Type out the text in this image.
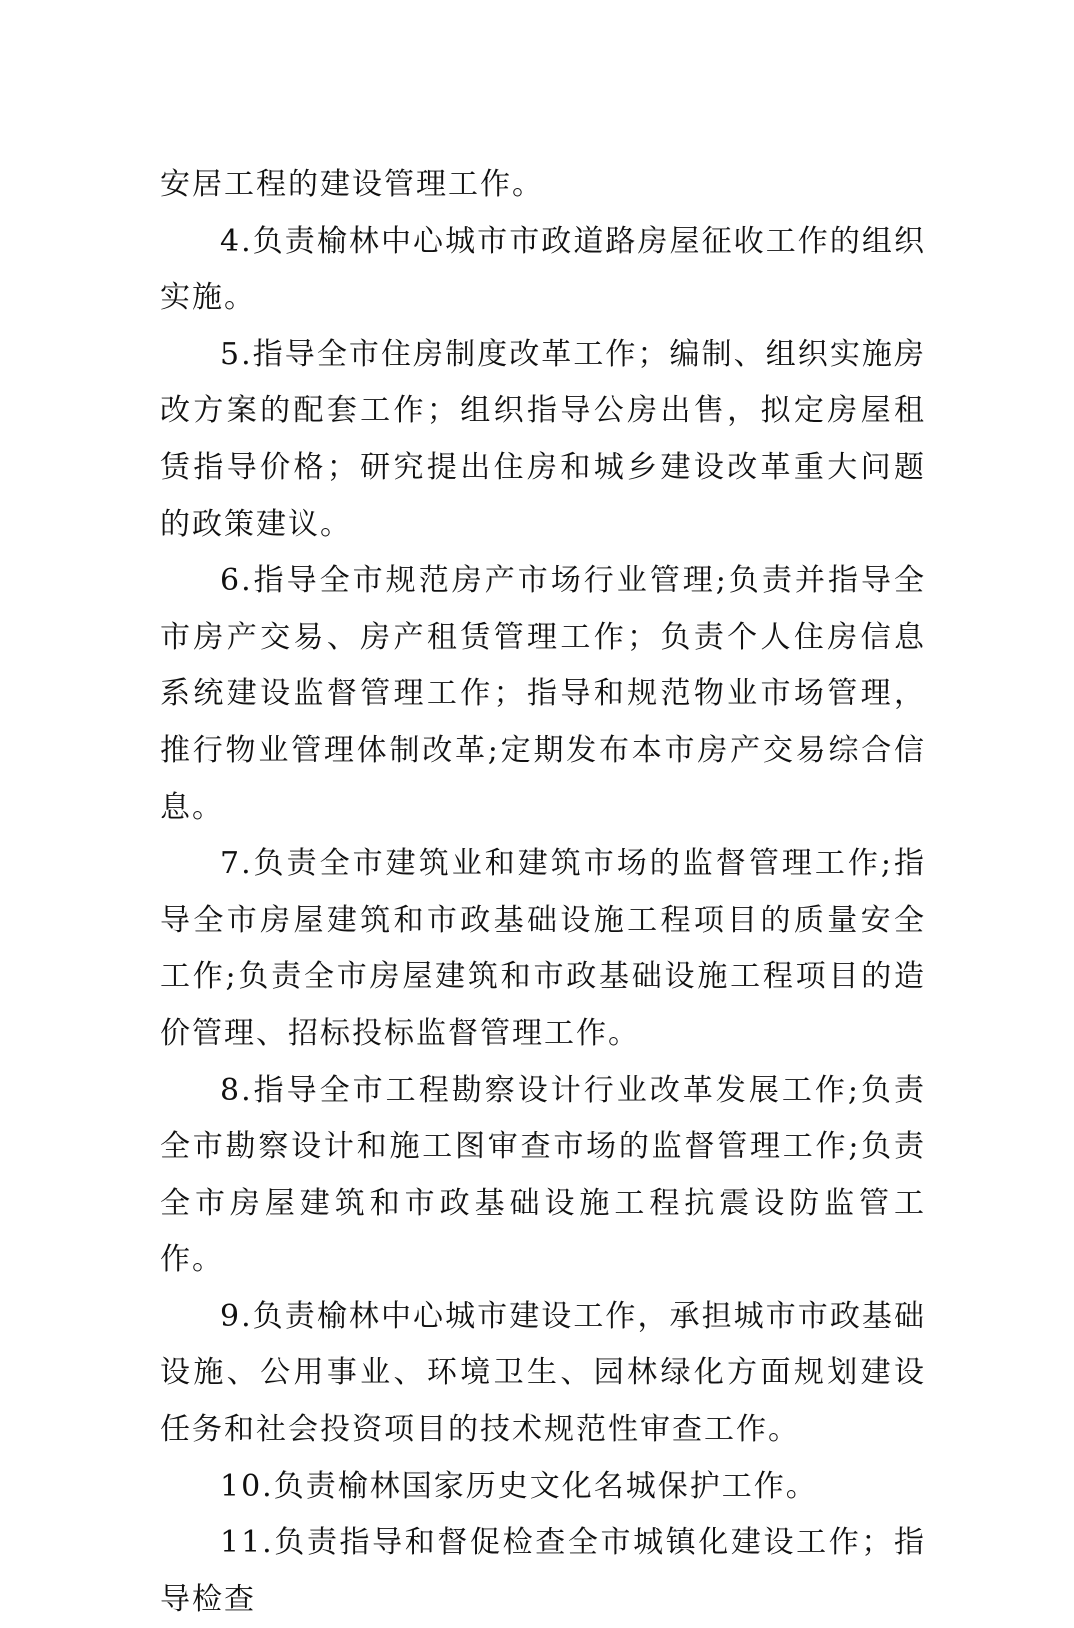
安居工程的建设管理工作。

4.负责榆林中心城市市政道路房屋征收工作的组织实施。

5.指导全市住房制度改革工作；编制、组织实施房改方案的配套工作；组织指导公房出售，拟定房屋租赁指导价格；研究提出住房和城乡建设改革重大问题的政策建议。

6.指导全市规范房产市场行业管理;负责并指导全市房产交易、房产租赁管理工作；负责个人住房信息系统建设监督管理工作；指导和规范物业市场管理，推行物业管理体制改革;定期发布本市房产交易综合信息。

7.负责全市建筑业和建筑市场的监督管理工作;指导全市房屋建筑和市政基础设施工程项目的质量安全工作;负责全市房屋建筑和市政基础设施工程项目的造价管理、招标投标监督管理工作。

8.指导全市工程勘察设计行业改革发展工作;负责全市勘察设计和施工图审查市场的监督管理工作;负责全市房屋建筑和市政基础设施工程抗震设防监管工作。

9.负责榆林中心城市建设工作，承担城市市政基础设施、公用事业、环境卫生、园林绿化方面规划建设任务和社会投资项目的技术规范性审查工作。

10.负责榆林国家历史文化名城保护工作。

11.负责指导和督促检查全市城镇化建设工作；指导检查
